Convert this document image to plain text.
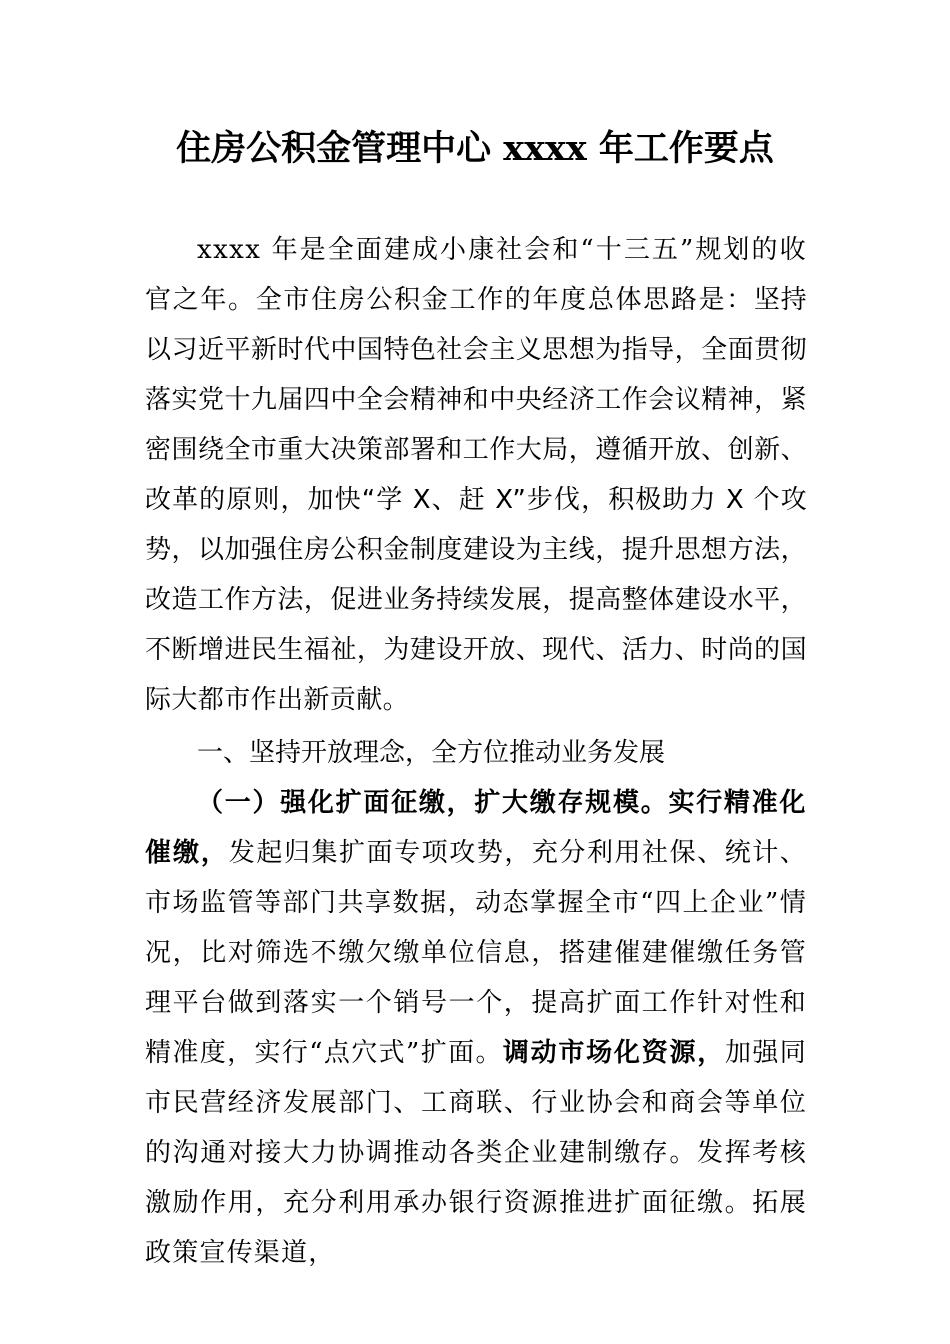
住房公积金管理中心 xxxx 年工作要点
xxxx 年是全面建成小康社会和“十三五”规划的收官之年。全市住房公积金工作的年度总体思路是：坚持以习近平新时代中国特色社会主义思想为指导，全面贯彻落实党十九届四中全会精神和中央经济工作会议精神，紧密围绕全市重大决策部署和工作大局，遵循开放、创新、改革的原则，加快“学 X、赶 X”步伐，积极助力 X 个攻势，以加强住房公积金制度建设为主线，提升思想方法，改造工作方法，促进业务持续发展，提高整体建设水平，不断增进民生福祉，为建设开放、现代、活力、时尚的国际大都市作出新贡献。
一、坚持开放理念，全方位推动业务发展
（一）强化扩面征缴，扩大缴存规模。实行精准化催缴，发起归集扩面专项攻势，充分利用社保、统计、市场监管等部门共享数据，动态掌握全市“四上企业”情况，比对筛选不缴欠缴单位信息，搭建催建催缴任务管理平台做到落实一个销号一个，提高扩面工作针对性和精准度，实行“点穴式”扩面。调动市场化资源，加强同市民营经济发展部门、工商联、行业协会和商会等单位的沟通对接大力协调推动各类企业建制缴存。发挥考核激励作用，充分利用承办银行资源推进扩面征缴。拓展政策宣传渠道，
